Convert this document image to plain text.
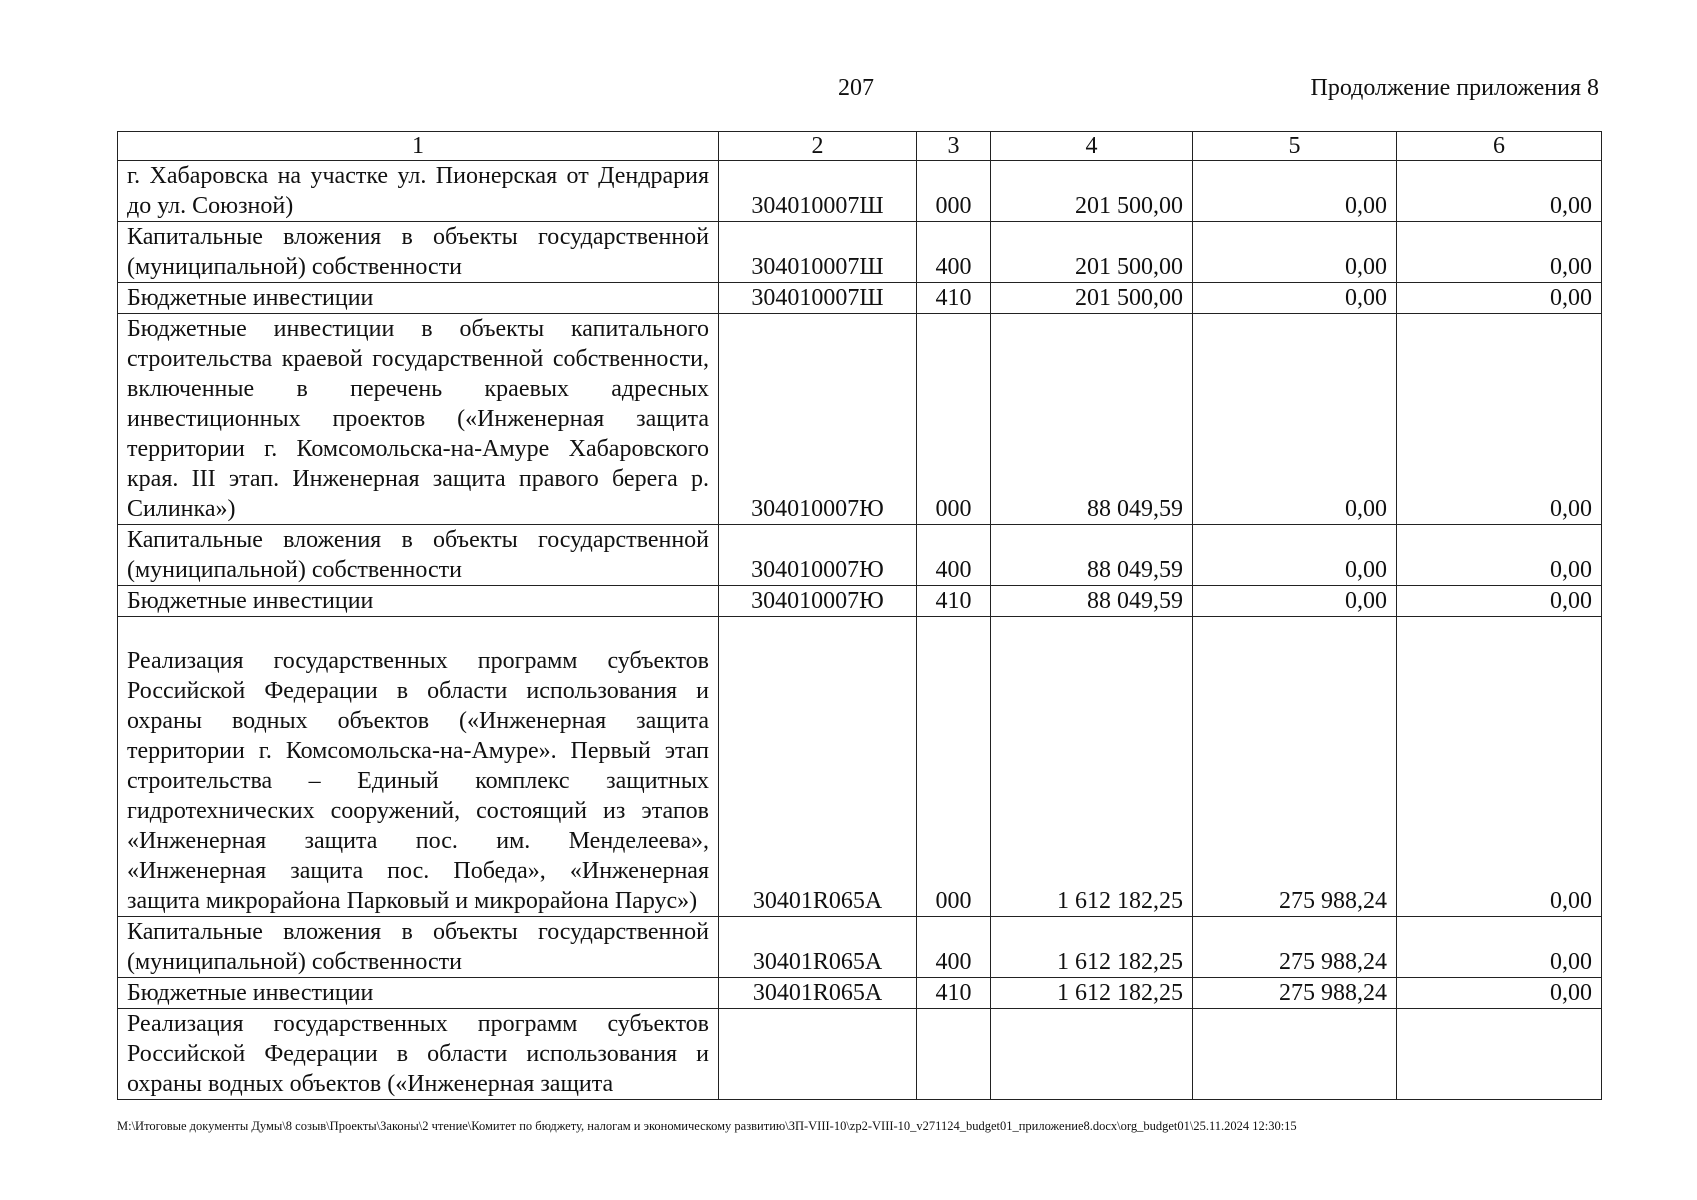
207	Продолжение приложения 8
1	2	3	4	5	6
г. Хабаровска на участке ул. Пионерская от Дендрария до ул. Союзной)	304010007Ш	000	201 500,00	0,00	0,00
Капитальные вложения в объекты государственной (муниципальной) собственности	304010007Ш	400	201 500,00	0,00	0,00
Бюджетные инвестиции	304010007Ш	410	201 500,00	0,00	0,00
Бюджетные инвестиции в объекты капитального строительства краевой государственной собственности, включенные в перечень краевых адресных инвестиционных проектов («Инженерная защита территории г. Комсомольска-на-Амуре Хабаровского края. III этап. Инженерная защита правого берега р. Силинка»)	304010007Ю	000	88 049,59	0,00	0,00
Капитальные вложения в объекты государственной (муниципальной) собственности	304010007Ю	400	88 049,59	0,00	0,00
Бюджетные инвестиции	304010007Ю	410	88 049,59	0,00	0,00
Реализация государственных программ субъектов Российской Федерации в области использования и охраны водных объектов («Инженерная защита территории г. Комсомольска-на-Амуре». Первый этап строительства – Единый комплекс защитных гидротехнических сооружений, состоящий из этапов «Инженерная защита пос. им. Менделеева», «Инженерная защита пос. Победа», «Инженерная защита микрорайона Парковый и микрорайона Парус»)	30401R065A	000	1 612 182,25	275 988,24	0,00
Капитальные вложения в объекты государственной (муниципальной) собственности	30401R065A	400	1 612 182,25	275 988,24	0,00
Бюджетные инвестиции	30401R065A	410	1 612 182,25	275 988,24	0,00
Реализация государственных программ субъектов Российской Федерации в области использования и охраны водных объектов («Инженерная защита					
M:\Итоговые документы Думы\8 созыв\Проекты\Законы\2 чтение\Комитет по бюджету, налогам и экономическому развитию\ЗП-VIII-10\zp2-VIII-10_v271124_budget01_приложение8.docx\org_budget01\25.11.2024 12:30:15
